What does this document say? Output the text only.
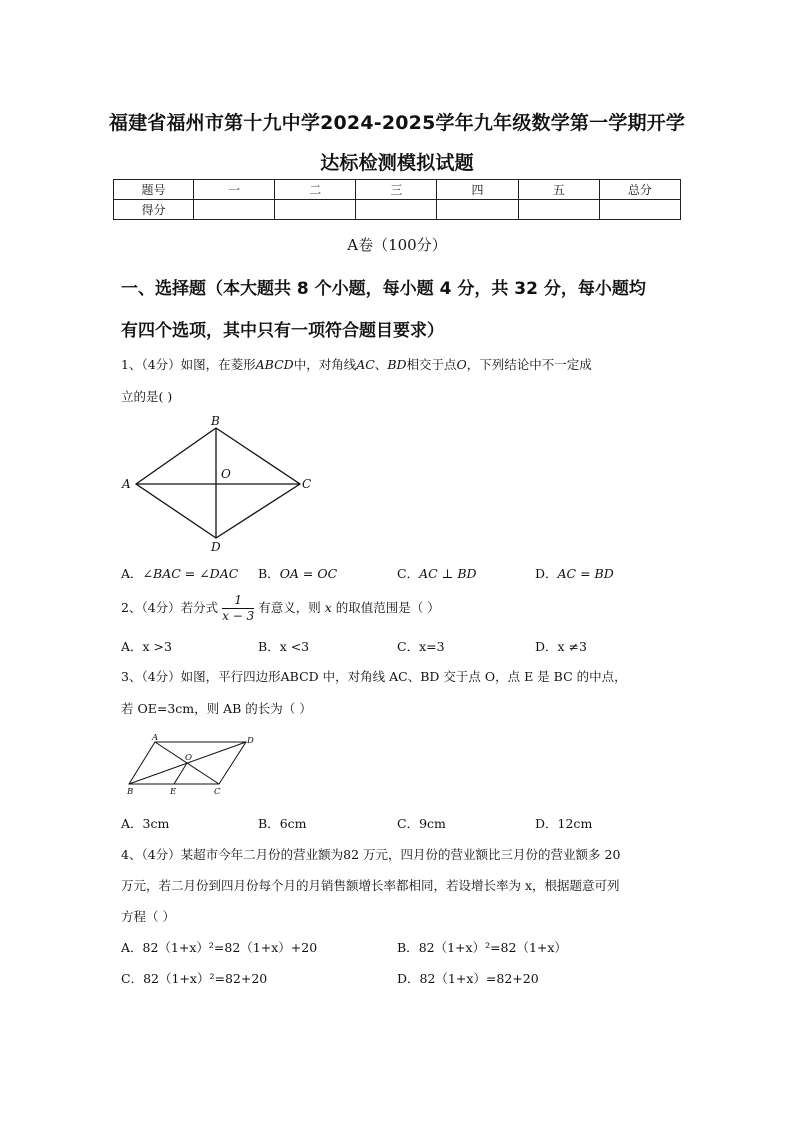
福建省福州市第十九中学2024-2025学年九年级数学第一学期开学
达标检测模拟试题
题号	一	二	三	四	五	总分
得分						
A卷（100分）
一、选择题（本大题共 8 个小题，每小题 4 分，共 32 分，每小题均
有四个选项，其中只有一项符合题目要求）
1、（4分）如图，在菱形ABCD中，对角线AC、BD相交于点O，下列结论中不一定成
立的是( )
A
B
C
D
O
A．∠BAC = ∠DAC B．OA = OC	C．AC ⊥ BD	D．AC = BD
2、（4分）若分式 $\frac{1}{x - 3}$ 有意义，则 x 的取值范围是（ ）
A．x >3	B．x <3	C．x=3	D．x ≠3
3、（4分）如图，平行四边形ABCD 中，对角线 AC、BD 交于点 O，点 E 是 BC 的中点，
若 OE=3cm，则 AB 的长为（ ）
A	D
O
B	E	C
A．3cm	B．6cm	C．9cm	D．12cm
4、（4分）某超市今年二月份的营业额为82 万元，四月份的营业额比三月份的营业额多 20
万元，若二月份到四月份每个月的月销售额增长率都相同，若设增长率为 x，根据题意可列
方程（ ）
A．82（1+x）²=82（1+x）+20	B．82（1+x）²=82（1+x）
C．82（1+x）²=82+20	D．82（1+x）=82+20
